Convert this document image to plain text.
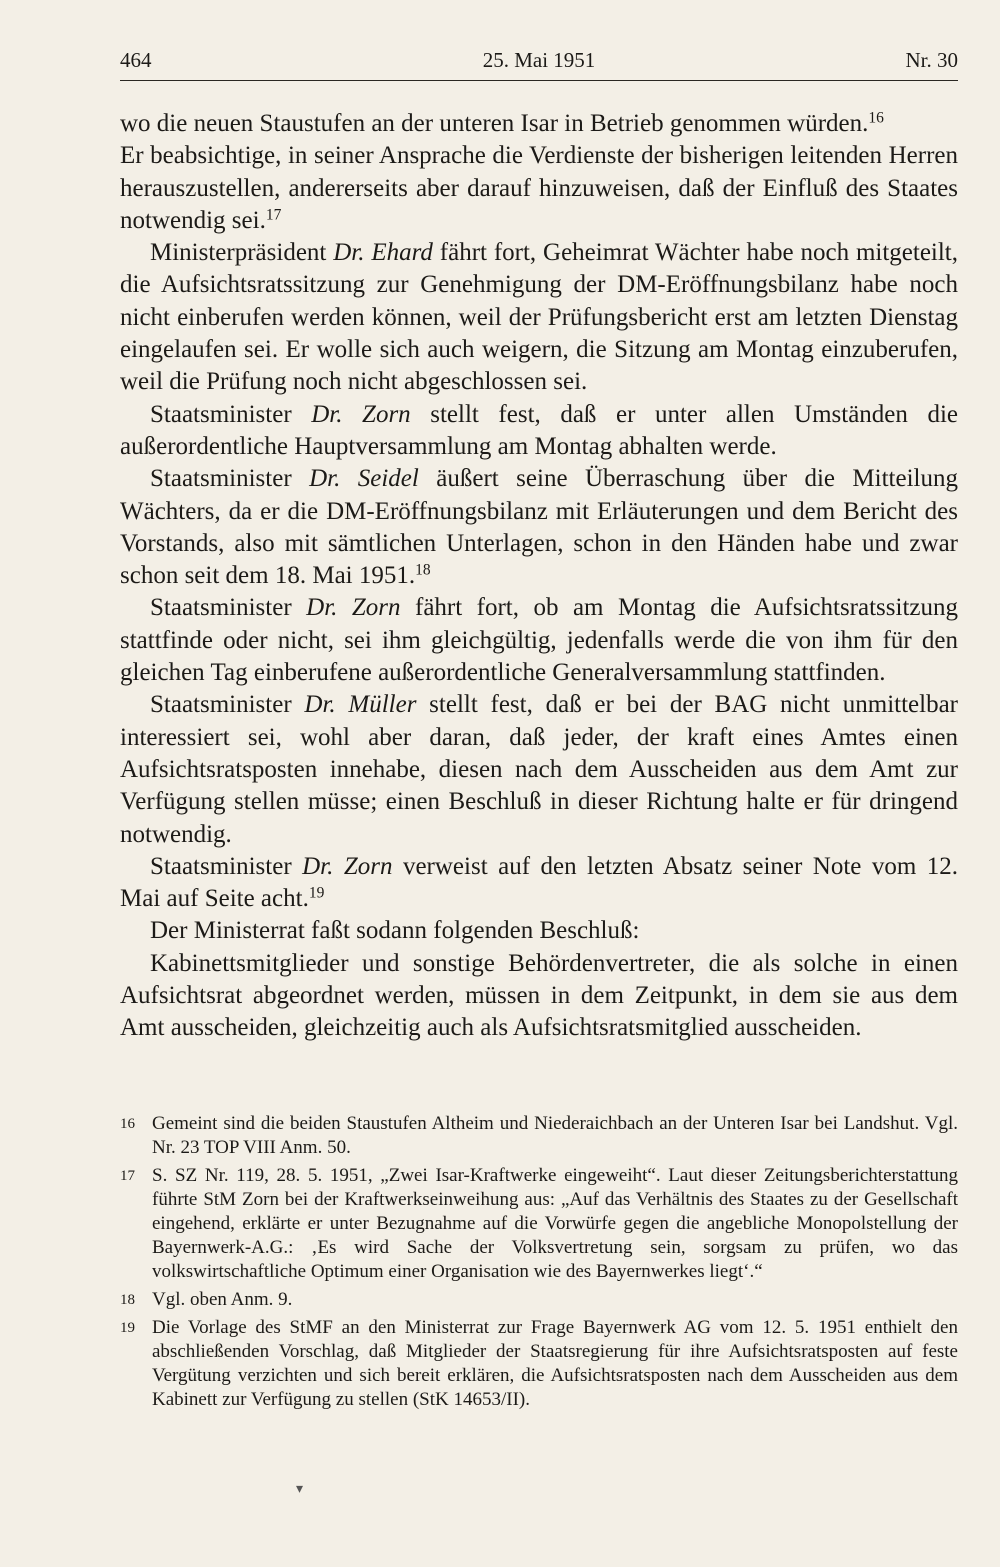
464	25. Mai 1951	Nr. 30

wo die neuen Staustufen an der unteren Isar in Betrieb genommen würden.$^{16}$

Er beabsichtige, in seiner Ansprache die Verdienste der bisherigen leitenden Herren herauszustellen, andererseits aber darauf hinzuweisen, daß der Einfluß des Staates notwendig sei.$^{17}$

Ministerpräsident Dr. Ehard fährt fort, Geheimrat Wächter habe noch mitgeteilt, die Aufsichtsratssitzung zur Genehmigung der DM-Eröffnungsbilanz habe noch nicht einberufen werden können, weil der Prüfungsbericht erst am letzten Dienstag eingelaufen sei. Er wolle sich auch weigern, die Sitzung am Montag einzuberufen, weil die Prüfung noch nicht abgeschlossen sei.

Staatsminister Dr. Zorn stellt fest, daß er unter allen Umständen die außerordentliche Hauptversammlung am Montag abhalten werde.

Staatsminister Dr. Seidel äußert seine Überraschung über die Mitteilung Wächters, da er die DM-Eröffnungsbilanz mit Erläuterungen und dem Bericht des Vorstands, also mit sämtlichen Unterlagen, schon in den Händen habe und zwar schon seit dem 18. Mai 1951.18

Staatsminister Dr. Zorn fährt fort, ob am Montag die Aufsichtsratssitzung stattfinde oder nicht, sei ihm gleichgültig, jedenfalls werde die von ihm für den gleichen Tag einberufene außerordentliche Generalversammlung stattfinden.

Staatsminister Dr. Müller stellt fest, daß er bei der BAG nicht unmittelbar interessiert sei, wohl aber daran, daß jeder, der kraft eines Amtes einen Aufsichtsratsposten innehabe, diesen nach dem Ausscheiden aus dem Amt zur Verfügung stellen müsse; einen Beschluß in dieser Richtung halte er für dringend notwendig.

Staatsminister Dr. Zorn verweist auf den letzten Absatz seiner Note vom 12. Mai auf Seite acht.$^{19}$

Der Ministerrat faßt sodann folgenden Beschluß:

Kabinettsmitglieder und sonstige Behördenvertreter, die als solche in einen Aufsichtsrat abgeordnet werden, müssen in dem Zeitpunkt, in dem sie aus dem Amt ausscheiden, gleichzeitig auch als Aufsichtsratsmitglied ausscheiden.

16 Gemeint sind die beiden Staustufen Altheim und Niederaichbach an der Unteren Isar bei Landshut. Vgl. Nr. 23 TOP VIII Anm. 50.
17 S. SZ Nr. 119, 28. 5. 1951, „Zwei Isar-Kraftwerke eingeweiht“. Laut dieser Zeitungsberichterstattung führte StM Zorn bei der Kraftwerkseinweihung aus: „Auf das Verhältnis des Staates zu der Gesellschaft eingehend, erklärte er unter Bezugnahme auf die Vorwürfe gegen die angebliche Monopolstellung der Bayernwerk-A.G.: ‚Es wird Sache der Volksvertretung sein, sorgsam zu prüfen, wo das volkswirtschaftliche Optimum einer Organisation wie des Bayernwerkes liegt‘.“
18 Vgl. oben Anm. 9.
19 Die Vorlage des StMF an den Ministerrat zur Frage Bayernwerk AG vom 12. 5. 1951 enthielt den abschließenden Vorschlag, daß Mitglieder der Staatsregierung für ihre Aufsichtsratsposten auf feste Vergütung verzichten und sich bereit erklären, die Aufsichtsratsposten nach dem Ausscheiden aus dem Kabinett zur Verfügung zu stellen (StK 14653/II).
▾
